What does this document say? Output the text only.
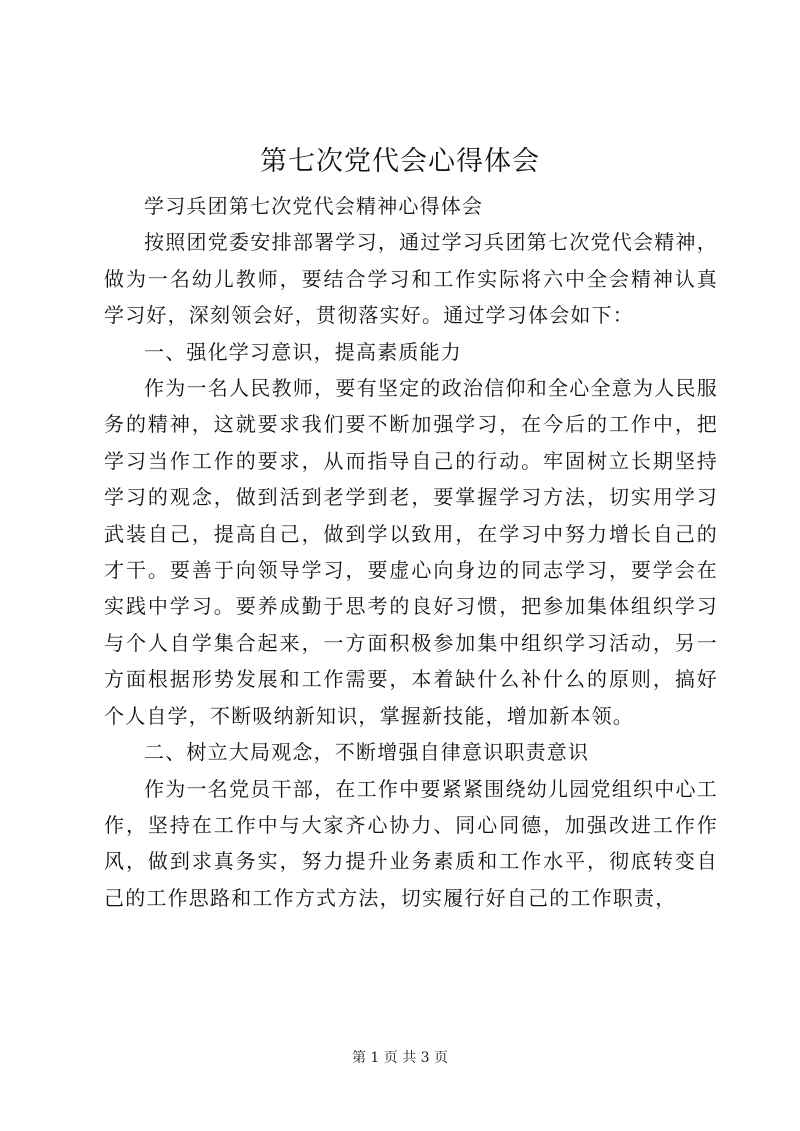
第七次党代会心得体会

学习兵团第七次党代会精神心得体会

按照团党委安排部署学习，通过学习兵团第七次党代会精神，做为一名幼儿教师，要结合学习和工作实际将六中全会精神认真学习好，深刻领会好，贯彻落实好。通过学习体会如下：

一、强化学习意识，提高素质能力

作为一名人民教师，要有坚定的政治信仰和全心全意为人民服务的精神，这就要求我们要不断加强学习，在今后的工作中，把学习当作工作的要求，从而指导自己的行动。牢固树立长期坚持学习的观念，做到活到老学到老，要掌握学习方法，切实用学习武装自己，提高自己，做到学以致用，在学习中努力增长自己的才干。要善于向领导学习，要虚心向身边的同志学习，要学会在实践中学习。要养成勤于思考的良好习惯，把参加集体组织学习与个人自学集合起来，一方面积极参加集中组织学习活动，另一方面根据形势发展和工作需要，本着缺什么补什么的原则，搞好个人自学，不断吸纳新知识，掌握新技能，增加新本领。

二、树立大局观念，不断增强自律意识职责意识

作为一名党员干部，在工作中要紧紧围绕幼儿园党组织中心工作，坚持在工作中与大家齐心协力、同心同德，加强改进工作作风，做到求真务实，努力提升业务素质和工作水平，彻底转变自己的工作思路和工作方式方法，切实履行好自己的工作职责，

第 1 页 共 3 页
